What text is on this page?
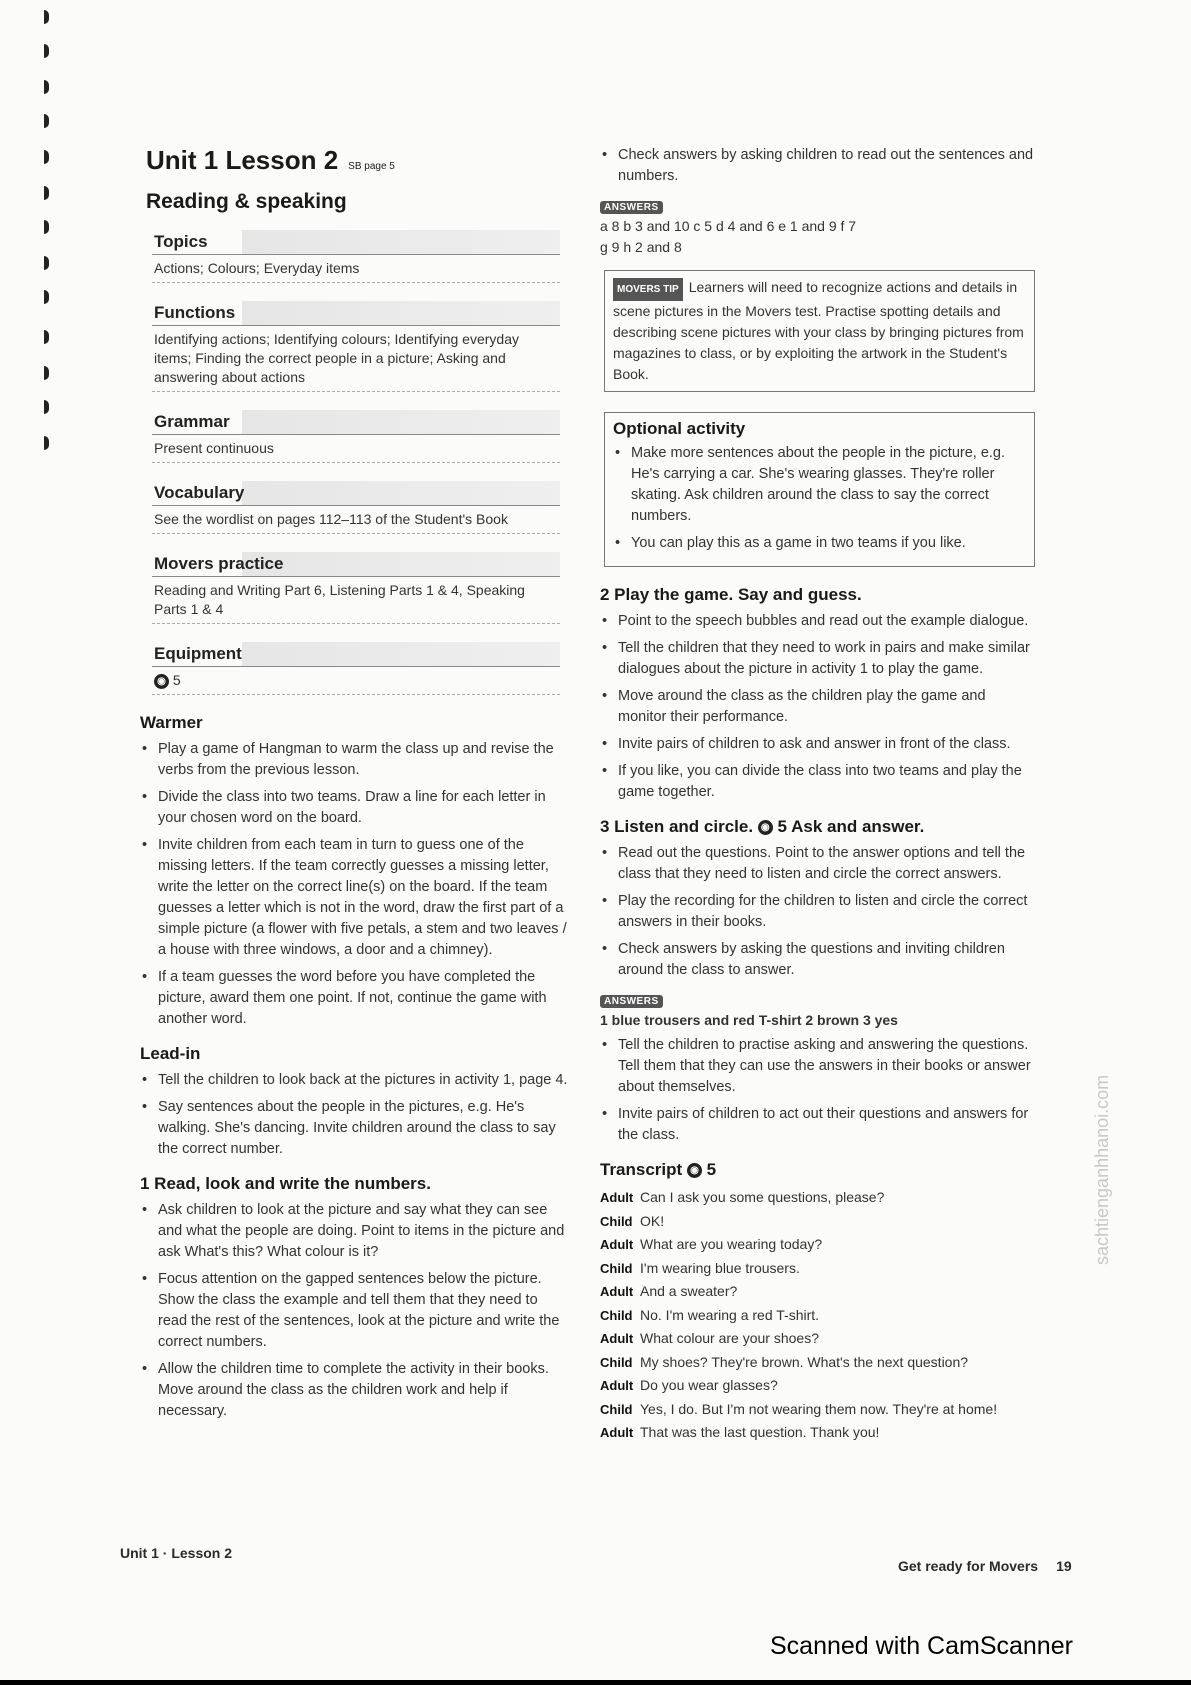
Unit 1 Lesson 2 SB page 5
Reading & speaking
Topics
Actions; Colours; Everyday items
Functions
Identifying actions; Identifying colours; Identifying everyday items; Finding the correct people in a picture; Asking and answering about actions
Grammar
Present continuous
Vocabulary
See the wordlist on pages 112–113 of the Student's Book
Movers practice
Reading and Writing Part 6, Listening Parts 1 & 4, Speaking Parts 1 & 4
Equipment
◉ 5
Warmer
• Play a game of Hangman to warm the class up and revise the verbs from the previous lesson.
• Divide the class into two teams. Draw a line for each letter in your chosen word on the board.
• Invite children from each team in turn to guess one of the missing letters. If the team correctly guesses a missing letter, write the letter on the correct line(s) on the board. If the team guesses a letter which is not in the word, draw the first part of a simple picture (a flower with five petals, a stem and two leaves / a house with three windows, a door and a chimney).
• If a team guesses the word before you have completed the picture, award them one point. If not, continue the game with another word.
Lead-in
• Tell the children to look back at the pictures in activity 1, page 4.
• Say sentences about the people in the pictures, e.g. He's walking. She's dancing. Invite children around the class to say the correct number.
1 Read, look and write the numbers.
• Ask children to look at the picture and say what they can see and what the people are doing. Point to items in the picture and ask What's this? What colour is it?
• Focus attention on the gapped sentences below the picture. Show the class the example and tell them that they need to read the rest of the sentences, look at the picture and write the correct numbers.
• Allow the children time to complete the activity in their books. Move around the class as the children work and help if necessary.
• Check answers by asking children to read out the sentences and numbers.
ANSWERS
a 8 b 3 and 10 c 5 d 4 and 6 e 1 and 9 f 7
g 9 h 2 and 8
MOVERS TIP Learners will need to recognize actions and details in scene pictures in the Movers test. Practise spotting details and describing scene pictures with your class by bringing pictures from magazines to class, or by exploiting the artwork in the Student's Book.
Optional activity
• Make more sentences about the people in the picture, e.g. He's carrying a car. She's wearing glasses. They're roller skating. Ask children around the class to say the correct numbers.
• You can play this as a game in two teams if you like.
2 Play the game. Say and guess.
• Point to the speech bubbles and read out the example dialogue.
• Tell the children that they need to work in pairs and make similar dialogues about the picture in activity 1 to play the game.
• Move around the class as the children play the game and monitor their performance.
• Invite pairs of children to ask and answer in front of the class.
• If you like, you can divide the class into two teams and play the game together.
3 Listen and circle. ◉ 5 Ask and answer.
• Read out the questions. Point to the answer options and tell the class that they need to listen and circle the correct answers.
• Play the recording for the children to listen and circle the correct answers in their books.
• Check answers by asking the questions and inviting children around the class to answer.
ANSWERS
1 blue trousers and red T-shirt 2 brown 3 yes
• Tell the children to practise asking and answering the questions. Tell them that they can use the answers in their books or answer about themselves.
• Invite pairs of children to act out their questions and answers for the class.
Transcript ◉ 5
Adult Can I ask you some questions, please?
Child OK!
Adult What are you wearing today?
Child I'm wearing blue trousers.
Adult And a sweater?
Child No. I'm wearing a red T-shirt.
Adult What colour are your shoes?
Child My shoes? They're brown. What's the next question?
Adult Do you wear glasses?
Child Yes, I do. But I'm not wearing them now. They're at home!
Adult That was the last question. Thank you!
Unit 1 · Lesson 2
Get ready for Movers 19
sachtienganhhanoi.com
Scanned with CamScanner
